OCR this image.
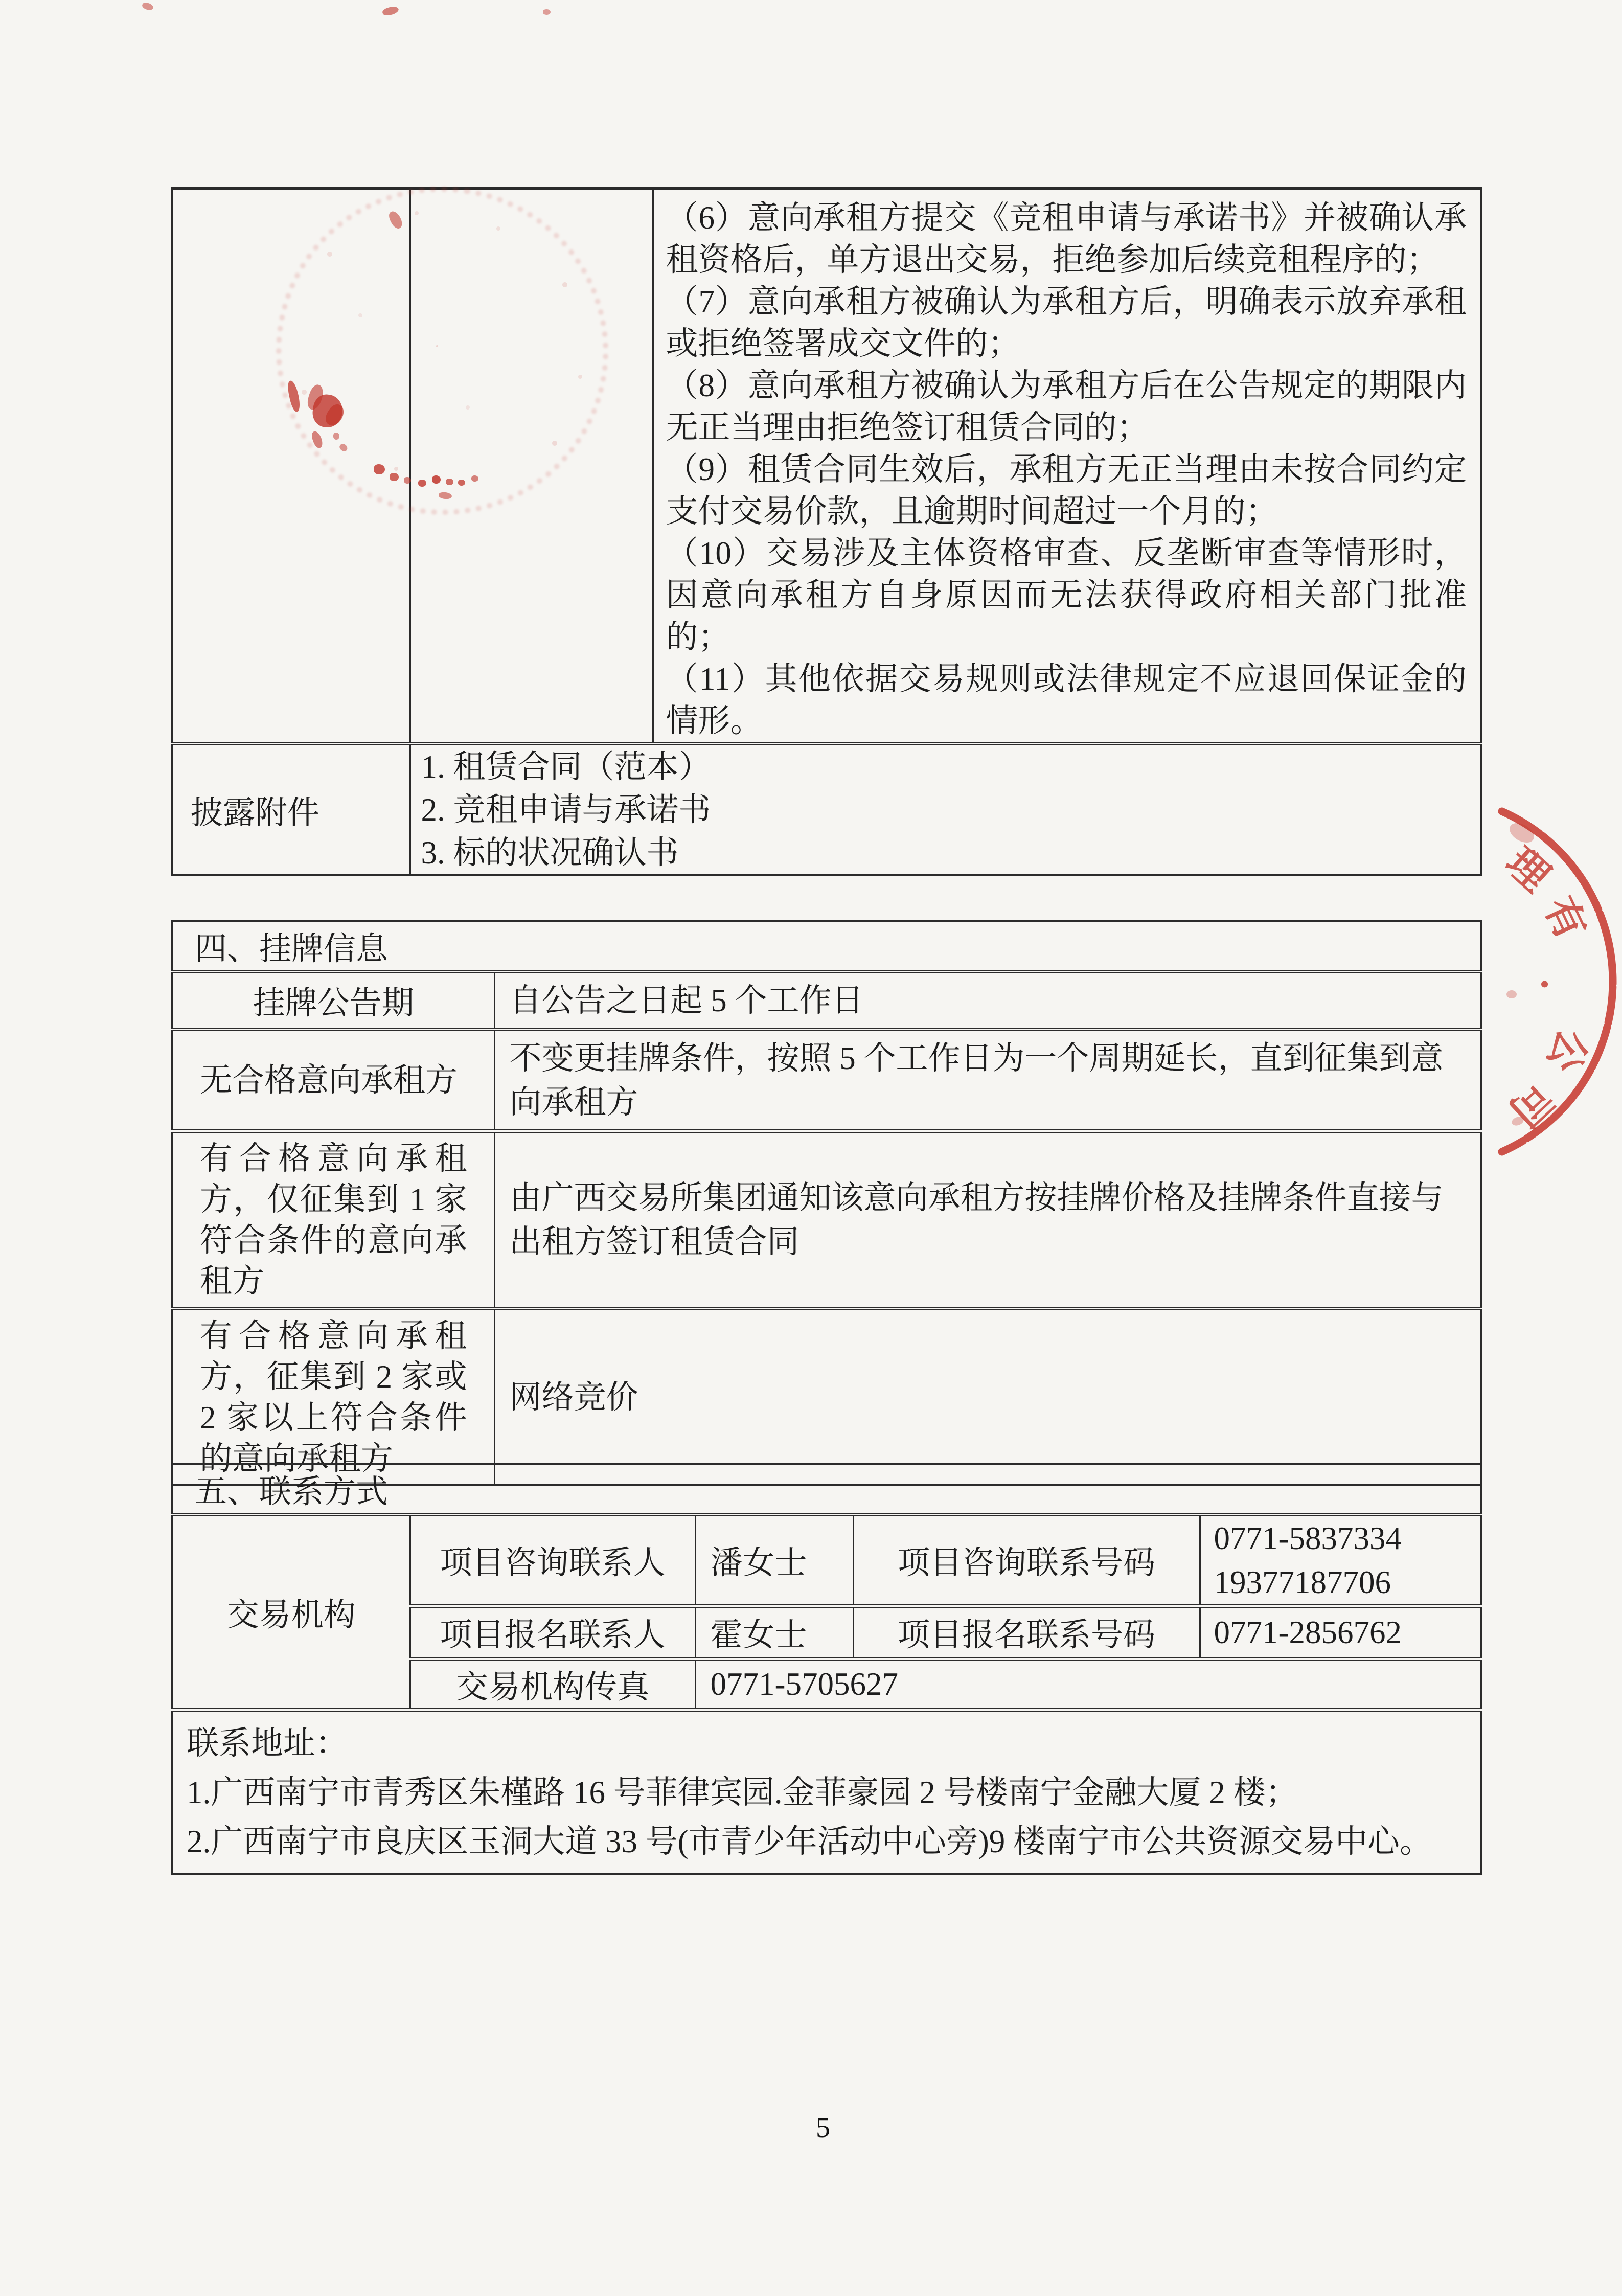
（6）意向承租方提交《竞租申请与承诺书》并被确认承租资格后，单方退出交易，拒绝参加后续竞租程序的；

（7）意向承租方被确认为承租方后，明确表示放弃承租或拒绝签署成交文件的；

（8）意向承租方被确认为承租方后在公告规定的期限内无正当理由拒绝签订租赁合同的；

（9）租赁合同生效后，承租方无正当理由未按合同约定支付交易价款，且逾期时间超过一个月的；

（10）交易涉及主体资格审查、反垄断审查等情形时，因意向承租方自身原因而无法获得政府相关部门批准的；

（11）其他依据交易规则或法律规定不应退回保证金的情形。

披露附件	1. 租赁合同（范本）
2. 竞租申请与承诺书
3. 标的状况确认书	
四、挂牌信息	
挂牌公告期	自公告之日起 5 个工作日
无合格意向承租方	不变更挂牌条件，按照 5 个工作日为一个周期延长，直到征集到意向承租方
有合格意向承租方，仅征集到 1 家符合条件的意向承租方	由广西交易所集团通知该意向承租方按挂牌价格及挂牌条件直接与出租方签订租赁合同
有合格意向承租方，征集到 2 家或 2 家以上符合条件的意向承租方	网络竞价
五、联系方式				
交易机构	项目咨询联系人	潘女士	项目咨询联系号码	0771-5837334
19377187706

	项目报名联系人	霍女士	项目报名联系号码	0771-2856762
	交易机构传真	0771-5705627		

联系地址：
1.广西南宁市青秀区朱槿路 16 号菲律宾园.金菲豪园 2 号楼南宁金融大厦 2 楼；
2.广西南宁市良庆区玉洞大道 33 号(市青少年活动中心旁)9 楼南宁市公共资源交易中心。				
5
理
有
·
公
司
